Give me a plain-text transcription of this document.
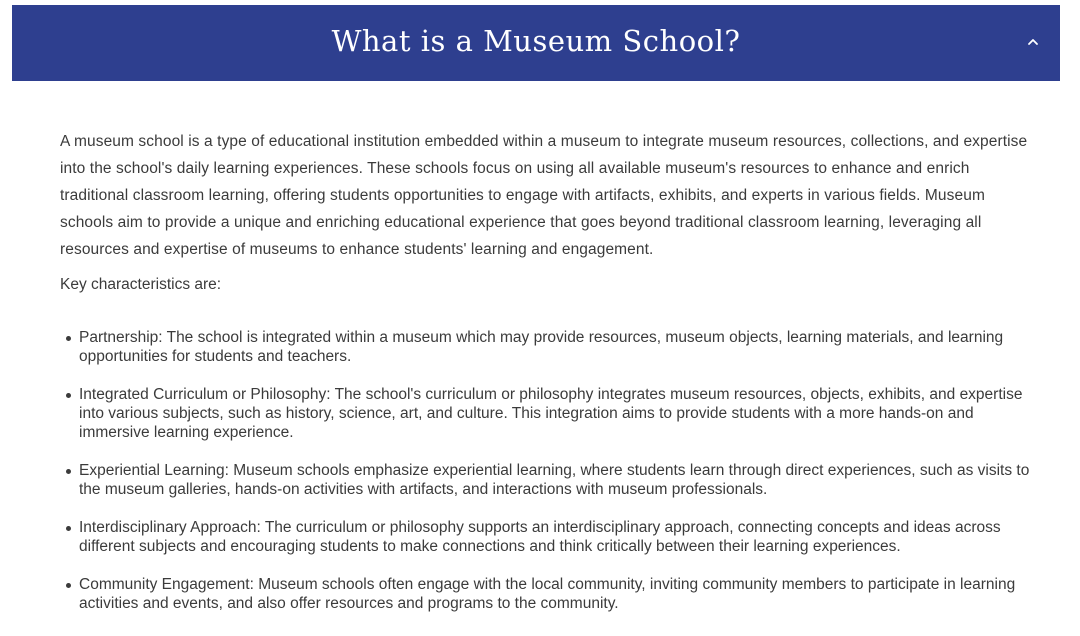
What is a Museum School?

A museum school is a type of educational institution embedded within a museum to integrate museum resources, collections, and expertise into the school's daily learning experiences. These schools focus on using all available museum's resources to enhance and enrich traditional classroom learning, offering students opportunities to engage with artifacts, exhibits, and experts in various fields. Museum schools aim to provide a unique and enriching educational experience that goes beyond traditional classroom learning, leveraging all resources and expertise of museums to enhance students' learning and engagement.

Key characteristics are:

Partnership: The school is integrated within a museum which may provide resources, museum objects, learning materials, and learning opportunities for students and teachers.
Integrated Curriculum or Philosophy: The school's curriculum or philosophy integrates museum resources, objects, exhibits, and expertise into various subjects, such as history, science, art, and culture. This integration aims to provide students with a more hands-on and immersive learning experience.
Experiential Learning: Museum schools emphasize experiential learning, where students learn through direct experiences, such as visits to the museum galleries, hands-on activities with artifacts, and interactions with museum professionals.
Interdisciplinary Approach: The curriculum or philosophy supports an interdisciplinary approach, connecting concepts and ideas across different subjects and encouraging students to make connections and think critically between their learning experiences.
Community Engagement: Museum schools often engage with the local community, inviting community members to participate in learning activities and events, and also offer resources and programs to the community.
